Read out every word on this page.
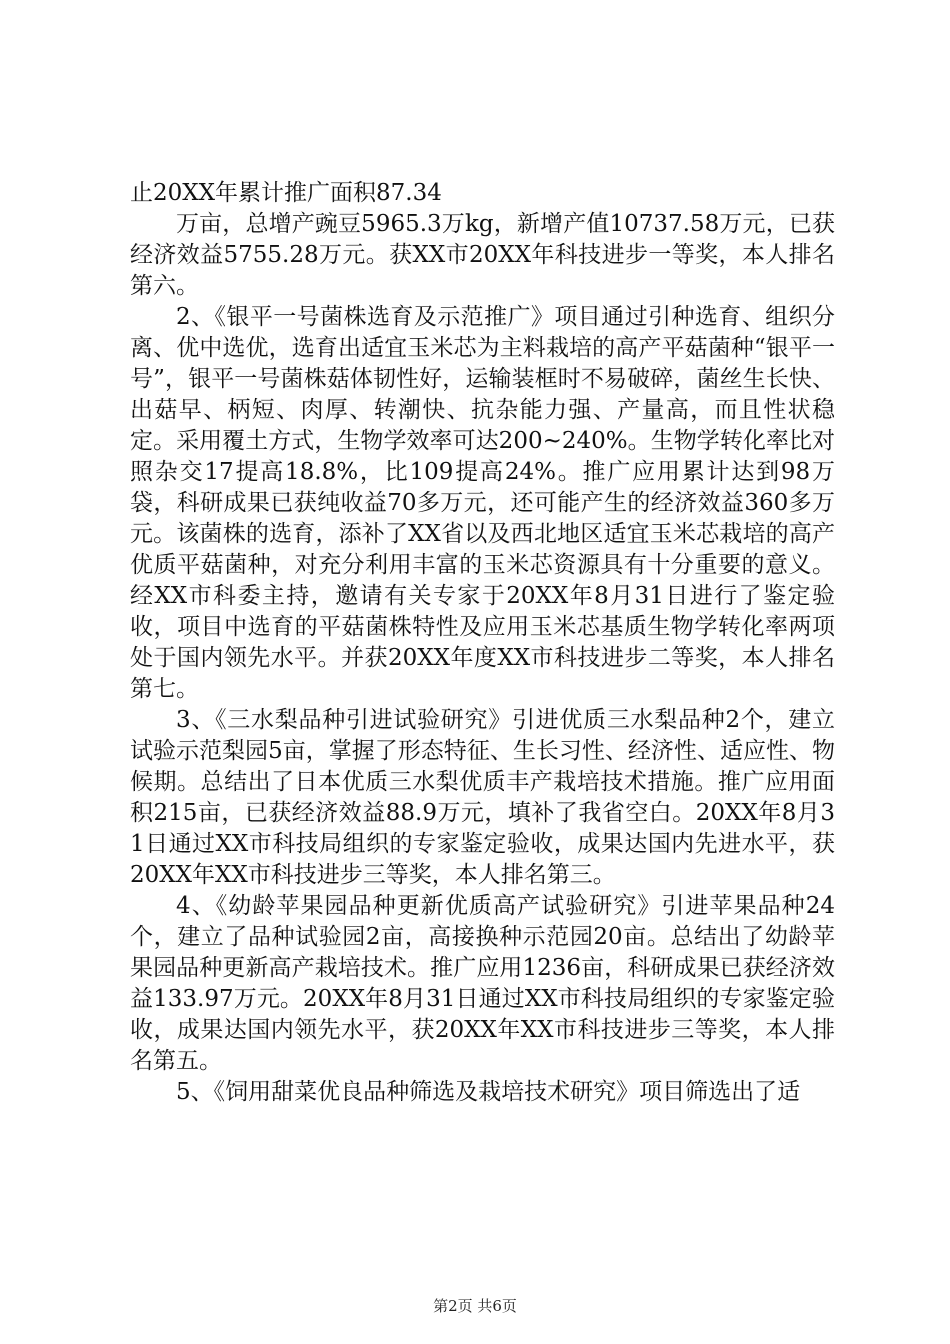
止20XX年累计推广面积87.34

万亩，总增产豌豆5965.3万kg，新增产值10737.58万元，已获经济效益5755.28万元。获XX市20XX年科技进步一等奖，本人排名第六。

2、《银平一号菌株选育及示范推广》项目通过引种选育、组织分离、优中选优，选育出适宜玉米芯为主料栽培的高产平菇菌种“银平一号”，银平一号菌株菇体韧性好，运输装框时不易破碎，菌丝生长快、出菇早、柄短、肉厚、转潮快、抗杂能力强、产量高，而且性状稳定。采用覆土方式，生物学效率可达200~240%。生物学转化率比对照杂交17提高18.8%，比109提高24%。推广应用累计达到98万袋，科研成果已获纯收益70多万元，还可能产生的经济效益360多万元。该菌株的选育，添补了XX省以及西北地区适宜玉米芯栽培的高产优质平菇菌种，对充分利用丰富的玉米芯资源具有十分重要的意义。经XX市科委主持，邀请有关专家于20XX年8月31日进行了鉴定验收，项目中选育的平菇菌株特性及应用玉米芯基质生物学转化率两项处于国内领先水平。并获20XX年度XX市科技进步二等奖，本人排名第七。

3、《三水梨品种引进试验研究》引进优质三水梨品种2个，建立试验示范梨园5亩，掌握了形态特征、生长习性、经济性、适应性、物候期。总结出了日本优质三水梨优质丰产栽培技术措施。推广应用面积215亩，已获经济效益88.9万元，填补了我省空白。20XX年8月31日通过XX市科技局组织的专家鉴定验收，成果达国内先进水平，获20XX年XX市科技进步三等奖，本人排名第三。

4、《幼龄苹果园品种更新优质高产试验研究》引进苹果品种24个，建立了品种试验园2亩，高接换种示范园20亩。总结出了幼龄苹果园品种更新高产栽培技术。推广应用1236亩，科研成果已获经济效益133.97万元。20XX年8月31日通过XX市科技局组织的专家鉴定验收，成果达国内领先水平，获20XX年XX市科技进步三等奖，本人排名第五。

5、《饲用甜菜优良品种筛选及栽培技术研究》项目筛选出了适

第2页 共6页
